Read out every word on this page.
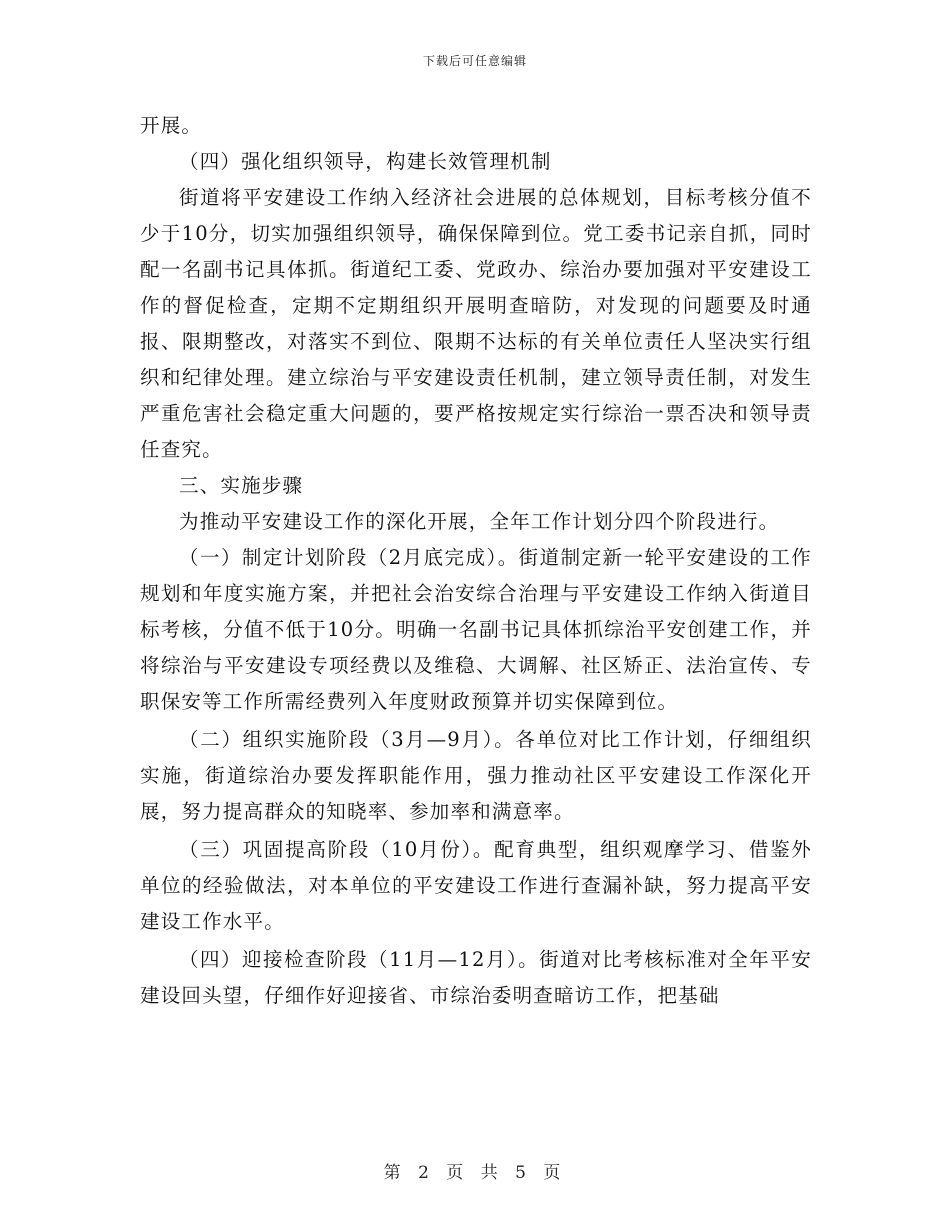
下载后可任意编辑

开展。

（四）强化组织领导，构建长效管理机制

街道将平安建设工作纳入经济社会进展的总体规划，目标考核分值不少于10分，切实加强组织领导，确保保障到位。党工委书记亲自抓，同时配一名副书记具体抓。街道纪工委、党政办、综治办要加强对平安建设工作的督促检查，定期不定期组织开展明查暗防，对发现的问题要及时通报、限期整改，对落实不到位、限期不达标的有关单位责任人坚决实行组织和纪律处理。建立综治与平安建设责任机制，建立领导责任制，对发生严重危害社会稳定重大问题的，要严格按规定实行综治一票否决和领导责任查究。

三、实施步骤

为推动平安建设工作的深化开展，全年工作计划分四个阶段进行。

（一）制定计划阶段（2月底完成）。街道制定新一轮平安建设的工作规划和年度实施方案，并把社会治安综合治理与平安建设工作纳入街道目标考核，分值不低于10分。明确一名副书记具体抓综治平安创建工作，并将综治与平安建设专项经费以及维稳、大调解、社区矫正、法治宣传、专职保安等工作所需经费列入年度财政预算并切实保障到位。

（二）组织实施阶段（3月—9月）。各单位对比工作计划，仔细组织实施，街道综治办要发挥职能作用，强力推动社区平安建设工作深化开展，努力提高群众的知晓率、参加率和满意率。

（三）巩固提高阶段（10月份）。配育典型，组织观摩学习、借鉴外单位的经验做法，对本单位的平安建设工作进行查漏补缺，努力提高平安建设工作水平。

（四）迎接检查阶段（11月—12月）。街道对比考核标准对全年平安建设回头望，仔细作好迎接省、市综治委明查暗访工作，把基础

第 2 页 共 5 页
